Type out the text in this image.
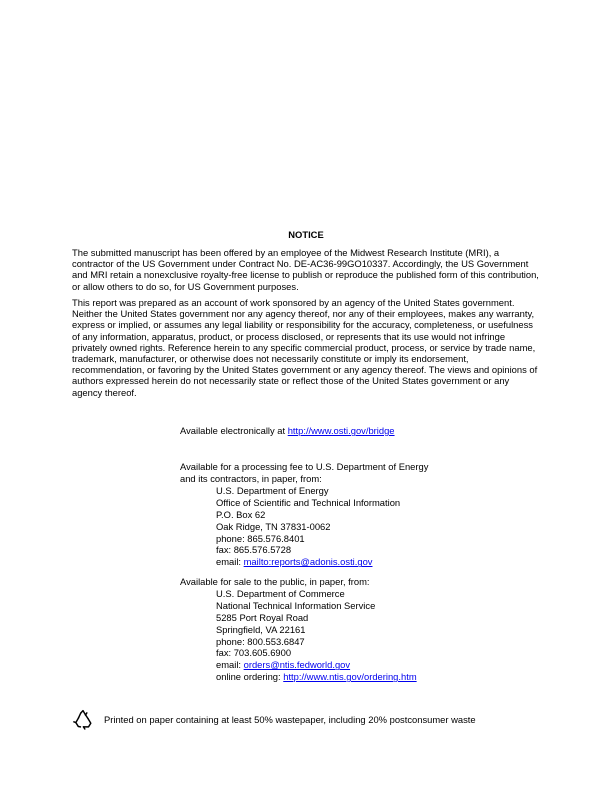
NOTICE

The submitted manuscript has been offered by an employee of the Midwest Research Institute (MRI), a contractor of the US Government under Contract No. DE-AC36-99GO10337. Accordingly, the US Government and MRI retain a nonexclusive royalty-free license to publish or reproduce the published form of this contribution, or allow others to do so, for US Government purposes.

This report was prepared as an account of work sponsored by an agency of the United States government. Neither the United States government nor any agency thereof, nor any of their employees, makes any warranty, express or implied, or assumes any legal liability or responsibility for the accuracy, completeness, or usefulness of any information, apparatus, product, or process disclosed, or represents that its use would not infringe privately owned rights. Reference herein to any specific commercial product, process, or service by trade name, trademark, manufacturer, or otherwise does not necessarily constitute or imply its endorsement, recommendation, or favoring by the United States government or any agency thereof. The views and opinions of authors expressed herein do not necessarily state or reflect those of the United States government or any agency thereof.

Available electronically at http://www.osti.gov/bridge
Available for a processing fee to U.S. Department of Energy
and its contractors, in paper, from:
U.S. Department of Energy
Office of Scientific and Technical Information
P.O. Box 62
Oak Ridge, TN 37831-0062
phone: 865.576.8401
fax: 865.576.5728
email: mailto:reports@adonis.osti.gov
Available for sale to the public, in paper, from:
U.S. Department of Commerce
National Technical Information Service
5285 Port Royal Road
Springfield, VA 22161
phone: 800.553.6847
fax: 703.605.6900
email: orders@ntis.fedworld.gov
online ordering: http://www.ntis.gov/ordering.htm
Printed on paper containing at least 50% wastepaper, including 20% postconsumer waste
